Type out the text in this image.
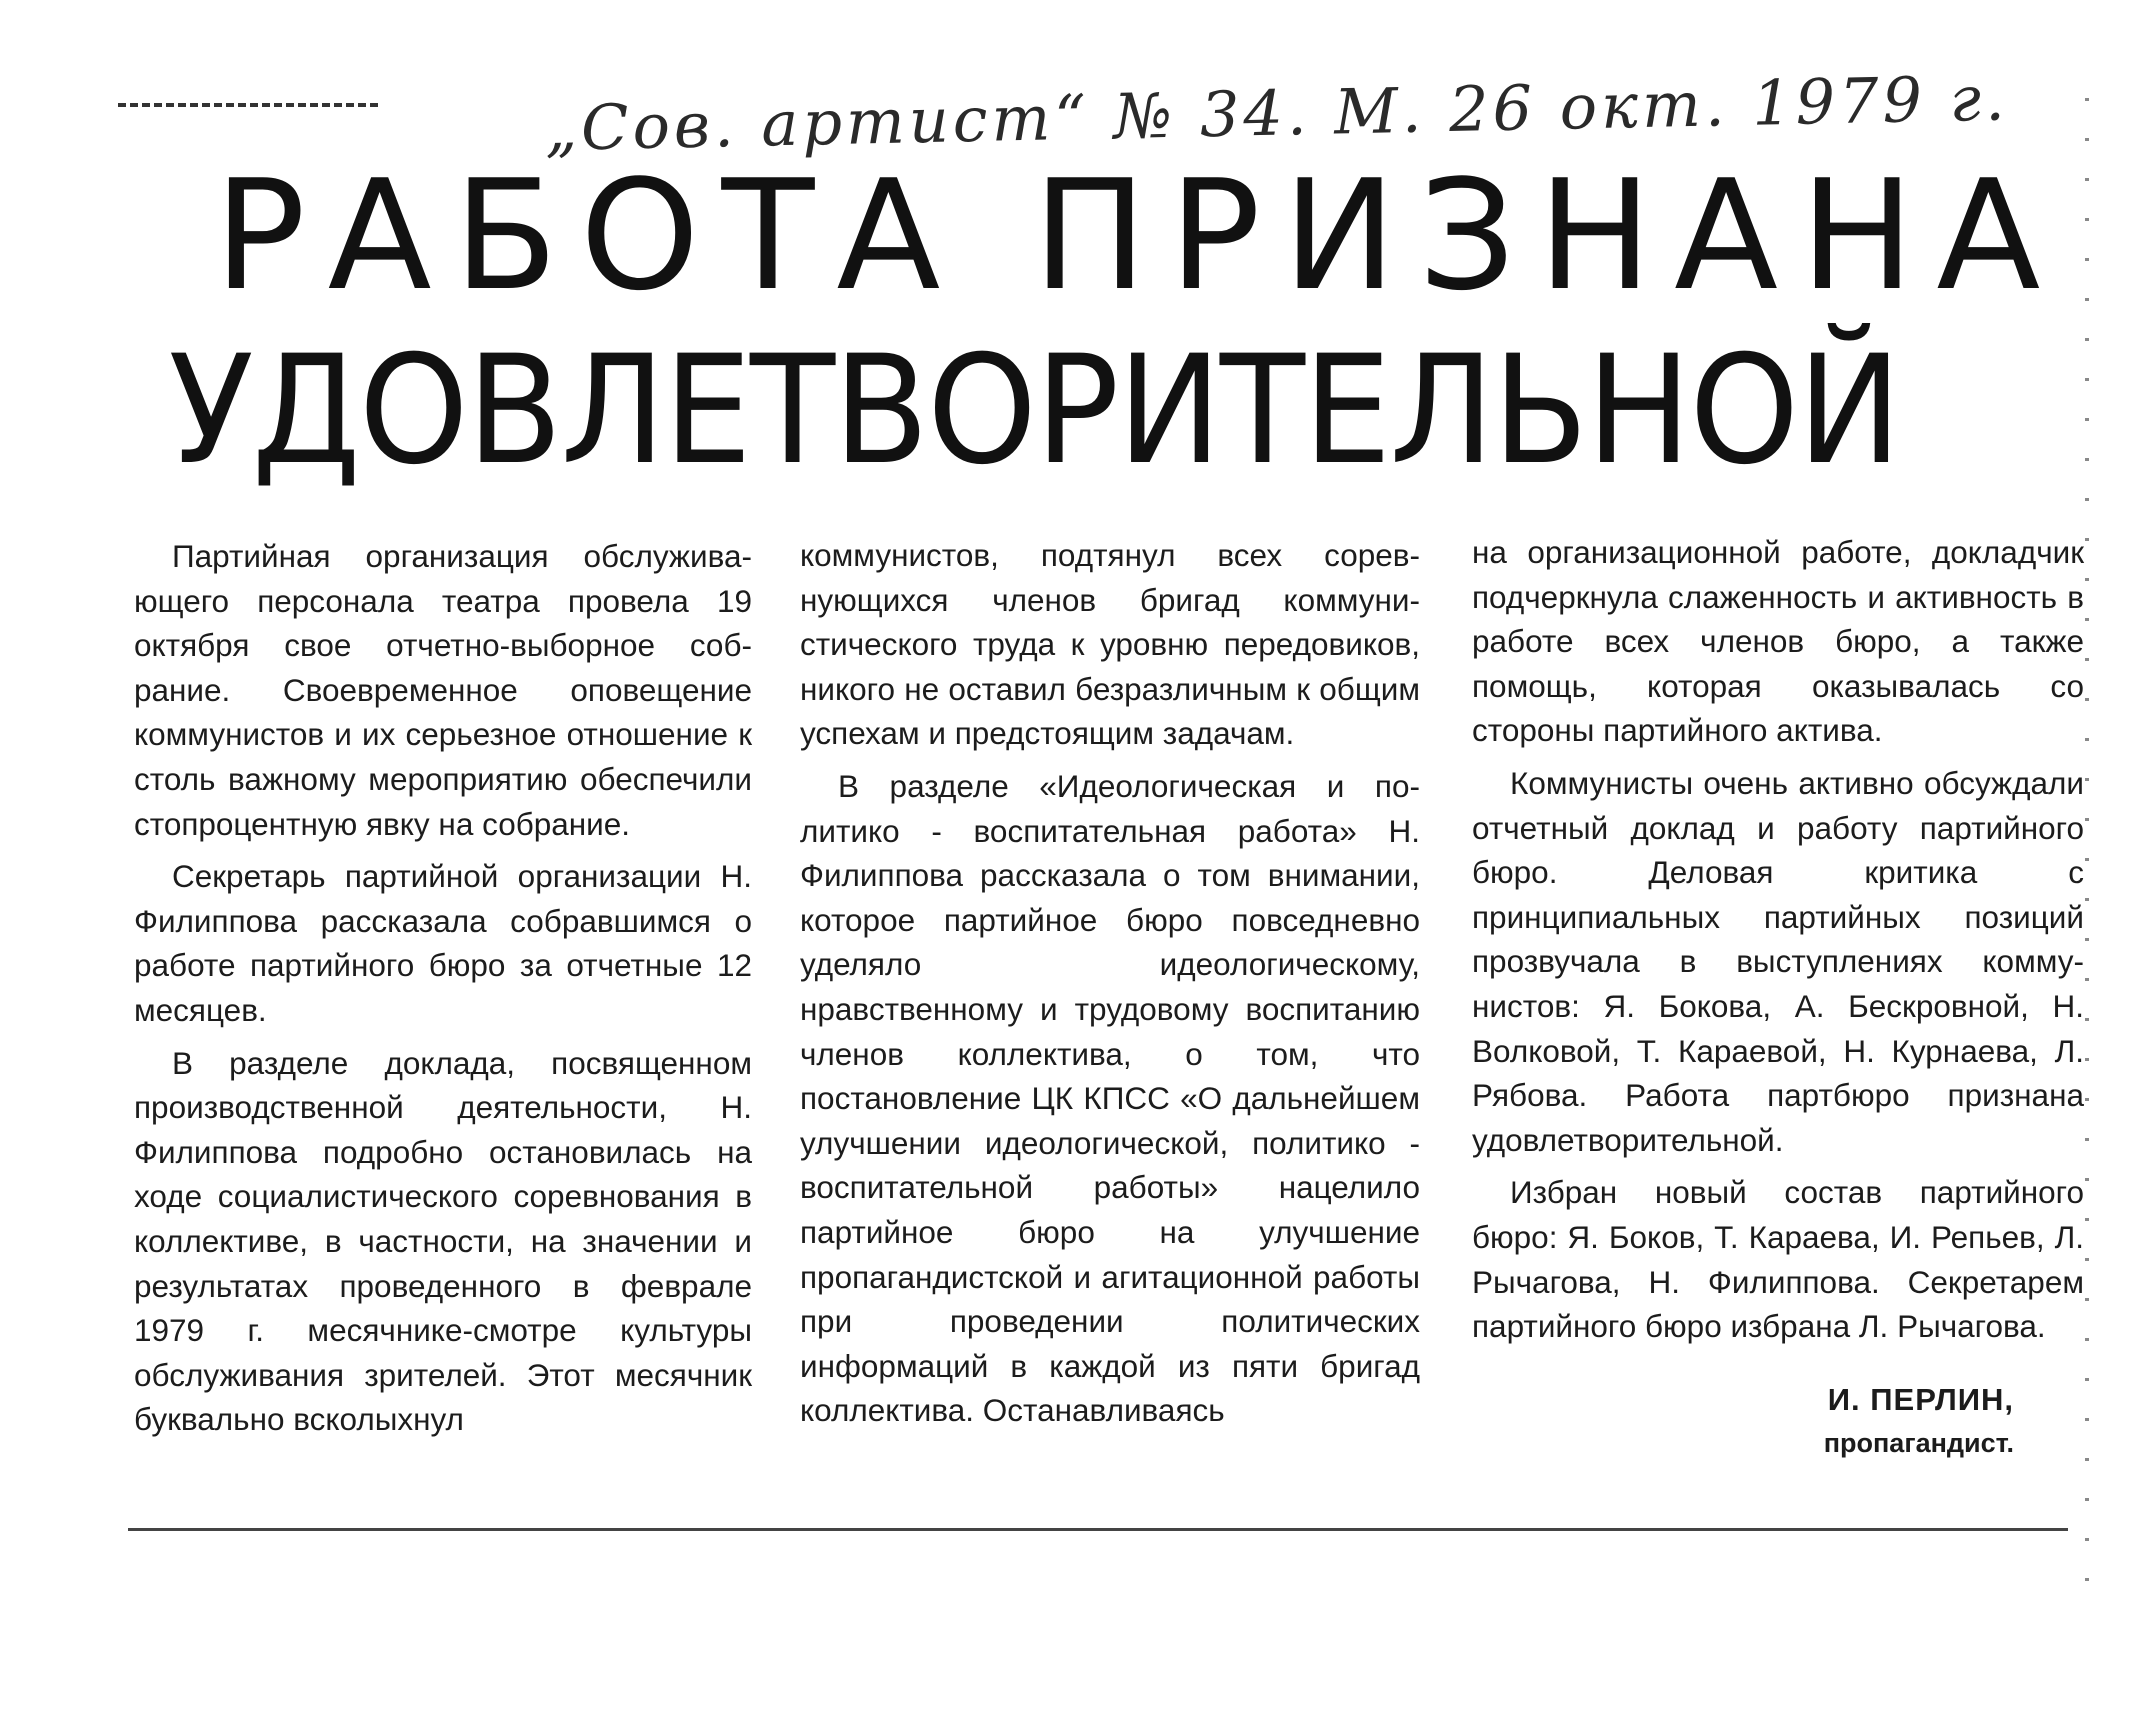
„Сов. артист“ № 34. М. 26 окт. 1979 г.
РАБОТА ПРИЗНАНА
УДОВЛЕТВОРИТЕЛЬНОЙ

Партийная организация обслуживающего персонала театра провела 19 октября свое отчетно-выборное собрание. Своевременное оповещение коммунистов и их серьезное отношение к столь важному мероприятию обеспечили стопроцентную явку на собрание.

Секретарь партийной организации Н. Филиппова рассказала собравшимся о работе партийного бюро за отчетные 12 месяцев.

В разделе доклада, посвященном производственной деятельности, Н. Филиппова подробно остановилась на ходе социалистического соревнования в коллективе, в частности, на значении и результатах проведенного в феврале 1979 г. месячнике-смотре культуры обслуживания зрителей. Этот месячник буквально всколыхнул

коммунистов, подтянул всех соревнующихся членов бригад коммунистического труда к уровню передовиков, никого не оставил безразличным к общим успехам и предстоящим задачам.

В разделе «Идеологическая и политико - воспитательная работа» Н. Филиппова рассказала о том внимании, которое партийное бюро повседневно уделяло идеологическому, нравственному и трудовому воспитанию членов коллектива, о том, что постановление ЦК КПСС «О дальнейшем улучшении идеологической, политико - воспитательной работы» нацелило партийное бюро на улучшение пропагандистской и агитационной работы при проведении политических информаций в каждой из пяти бригад коллектива. Останавливаясь

на организационной работе, докладчик подчеркнула слаженность и активность в работе всех членов бюро, а также помощь, которая оказывалась со стороны партийного актива.

Коммунисты очень активно обсуждали отчетный доклад и работу партийного бюро. Деловая критика с принципиальных партийных позиций прозвучала в выступлениях коммунистов: Я. Бокова, А. Бескровной, Н. Волковой, Т. Караевой, Н. Курнаева, Л. Рябова. Работа партбюро признана удовлетворительной.

Избран новый состав партийного бюро: Я. Боков, Т. Караева, И. Репьев, Л. Рычагова, Н. Филиппова. Секретарем партийного бюро избрана Л. Рычагова.

И. ПЕРЛИН,
пропагандист.
